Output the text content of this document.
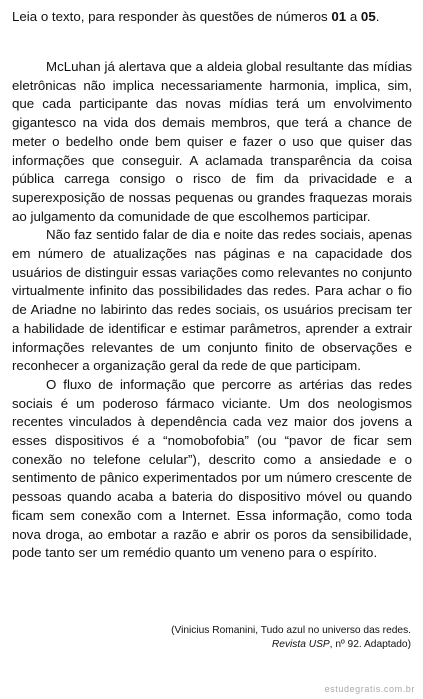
Leia o texto, para responder às questões de números 01 a 05.

McLuhan já alertava que a aldeia global resultante das mídias eletrônicas não implica necessariamente harmonia, implica, sim, que cada participante das novas mídias terá um envolvimento gigantesco na vida dos demais membros, que terá a chance de meter o bedelho onde bem quiser e fazer o uso que quiser das informações que conseguir. A aclamada transparência da coisa pública carrega consigo o risco de fim da privacidade e a superexposição de nossas pequenas ou grandes fraquezas morais ao julgamento da comunidade de que escolhemos participar.

Não faz sentido falar de dia e noite das redes sociais, apenas em número de atualizações nas páginas e na capacidade dos usuários de distinguir essas variações como relevantes no conjunto virtualmente infinito das possibilidades das redes. Para achar o fio de Ariadne no labirinto das redes sociais, os usuários precisam ter a habilidade de identificar e estimar parâmetros, aprender a extrair informações relevantes de um conjunto finito de observações e reconhecer a organização geral da rede de que participam.

O fluxo de informação que percorre as artérias das redes sociais é um poderoso fármaco viciante. Um dos neologismos recentes vinculados à dependência cada vez maior dos jovens a esses dispositivos é a “nomobofobia” (ou “pavor de ficar sem conexão no telefone celular”), descrito como a ansiedade e o sentimento de pânico experimentados por um número crescente de pessoas quando acaba a bateria do dispositivo móvel ou quando ficam sem conexão com a Internet. Essa informação, como toda nova droga, ao embotar a razão e abrir os poros da sensibilidade, pode tanto ser um remédio quanto um veneno para o espírito.

(Vinicius Romanini, Tudo azul no universo das redes.
Revista USP, nº 92. Adaptado)
estudegratis.com.br
